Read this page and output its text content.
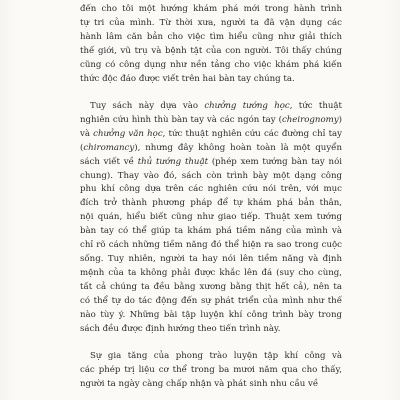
đến cho tôi một hướng khám phá mới trong hành trình
tự tri của mình. Từ thời xưa, người ta đã vận dụng các
hành lâm căn bản cho việc tìm hiểu cũng như giải thích
thế giới, vũ trụ và bệnh tật của con người. Tôi thấy chúng
cũng có công dụng như nền tảng cho việc khám phá kiến
thức độc đáo được viết trên hai bàn tay chúng ta.
Tuy sách này dựa vào chưởng tướng học, tức thuật
nghiên cứu hình thù bàn tay và các ngón tay (cheirognomy)
và chưởng văn học, tức thuật nghiên cứu các đường chỉ tay
(chiromancy), nhưng đây không hoàn toàn là một quyển
sách viết về thủ tướng thuật (phép xem tướng bàn tay nói
chung). Thay vào đó, sách còn trình bày một dạng công
phu khí công dựa trên các nghiên cứu nói trên, với mục
đích trở thành phương pháp để tự khám phá bản thân,
nội quán, hiểu biết cũng như giao tiếp. Thuật xem tướng
bàn tay có thể giúp ta khám phá tiềm năng của mình và
chỉ rõ cách những tiềm năng đó thể hiện ra sao trong cuộc
sống. Tuy nhiên, người ta hay nói lên tiềm năng và định
mệnh của ta không phải được khắc lên đá (suy cho cùng,
tất cả chúng ta đều bằng xương bằng thịt hết cả), nên ta
có thể tự do tác động đến sự phát triển của mình như thế
nào tùy ý. Những bài tập luyện khí công trình bày trong
sách đều được định hướng theo tiến trình này.
Sự gia tăng của phong trào luyện tập khí công và
các phép trị liệu cơ thể trong ba mươi năm qua cho thấy,
người ta ngày càng chấp nhận và phát sinh nhu cầu về
